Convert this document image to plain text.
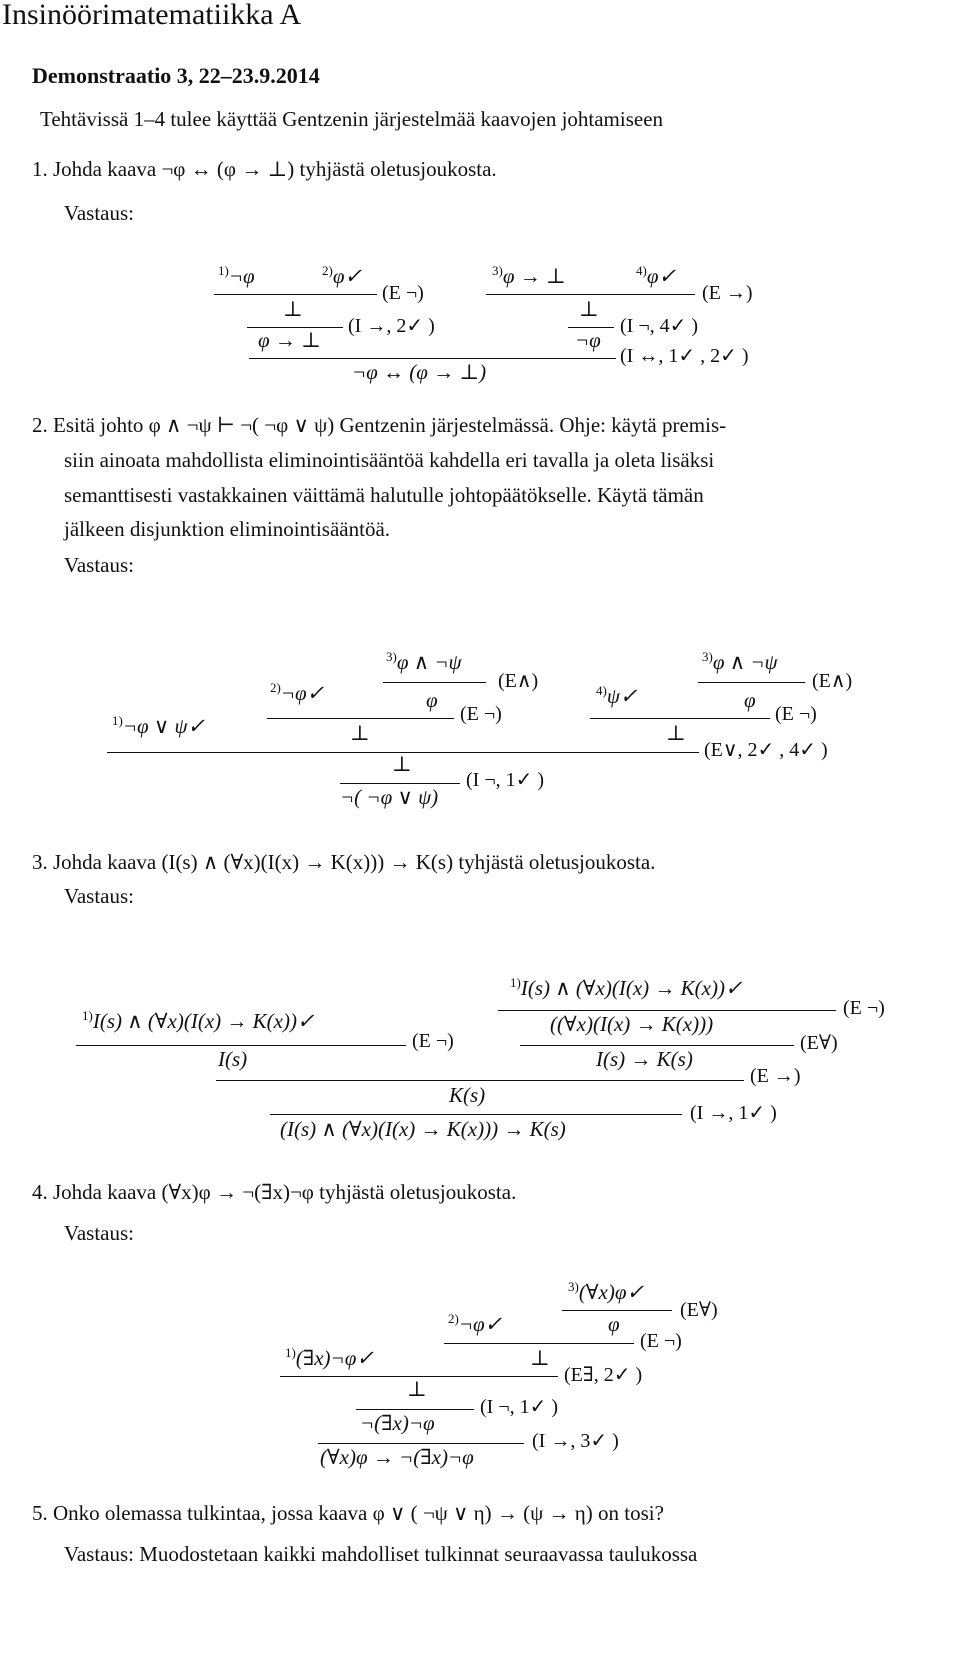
Insinöörimatematiikka A
Demonstraatio 3, 22–23.9.2014
Tehtävissä 1–4 tulee käyttää Gentzenin järjestelmää kaavojen johtamiseen
1. Johda kaava ¬φ ↔ (φ → ⊥) tyhjästä oletusjoukosta.
Vastaus:
$^{1)}$¬φ	$^{2)}$φ✓	$^{3)}$φ → ⊥	$^{4)}$φ✓
(E ¬)	(E →)
⊥	⊥
(I →, 2✓ )	(I ¬, 4✓ )
φ → ⊥	¬φ
(I ↔, 1✓ , 2✓ )
¬φ ↔ (φ → ⊥)
2. Esitä johto φ ∧ ¬ψ ⊢ ¬( ¬φ ∨ ψ) Gentzenin järjestelmässä. Ohje: käytä premis-
siin ainoata mahdollista eliminointisääntöä kahdella eri tavalla ja oleta lisäksi
semanttisesti vastakkainen väittämä halutulle johtopäätökselle. Käytä tämän
jälkeen disjunktion eliminointisääntöä.
Vastaus:
$^{3)}$φ ∧ ¬ψ	$^{3)}$φ ∧ ¬ψ
(E∧)	(E∧)
$^{2)}$¬φ✓	$^{4)}$ψ✓
φ	φ
(E ¬)	(E ¬)
$^{1)}$¬φ ∨ ψ✓	⊥	⊥
(E∨, 2✓ , 4✓ )
⊥
(I ¬, 1✓ )
¬( ¬φ ∨ ψ)
3. Johda kaava (I(s) ∧ (∀x)(I(x) → K(x))) → K(s) tyhjästä oletusjoukosta.
Vastaus:
$^{1)}$I(s) ∧ (∀x)(I(x) → K(x))✓
(E ¬)
$^{1)}$I(s) ∧ (∀x)(I(x) → K(x))✓	((∀x)(I(x) → K(x)))
(E ¬)	(E∀)
I(s)	I(s) → K(s)
(E →)
K(s)
(I →, 1✓ )
(I(s) ∧ (∀x)(I(x) → K(x))) → K(s)
4. Johda kaava (∀x)φ → ¬(∃x)¬φ tyhjästä oletusjoukosta.
Vastaus:
$^{3)}$(∀x)φ✓
(E∀)
$^{2)}$¬φ✓	φ
(E ¬)
$^{1)}$(∃x)¬φ✓	⊥
(E∃, 2✓ )
⊥
(I ¬, 1✓ )
¬(∃x)¬φ
(I →, 3✓ )
(∀x)φ → ¬(∃x)¬φ
5. Onko olemassa tulkintaa, jossa kaava φ ∨ ( ¬ψ ∨ η) → (ψ → η) on tosi?
Vastaus: Muodostetaan kaikki mahdolliset tulkinnat seuraavassa taulukossa
